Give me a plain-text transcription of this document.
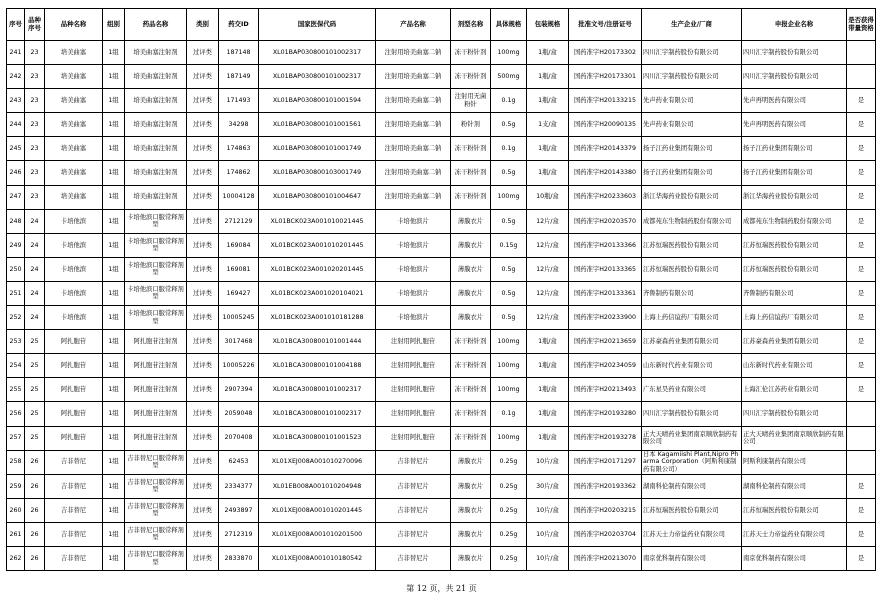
序号	品种序号	品种名称	组别	药品名称	类别	药交ID	国家医保代码	产品名称	剂型名称	具体规格	包装规格	批准文号/注册证号	生产企业/厂商	申报企业名称	是否获得带量资格
241	23	培美曲塞	1组	培美曲塞注射剂	过评类	187148	XL01BAP030800101002317	注射用培美曲塞二钠	冻干粉针剂	100mg	1瓶/盒	国药准字H20173302	四川汇宇制药股份有限公司	四川汇宇制药股份有限公司	
242	23	培美曲塞	1组	培美曲塞注射剂	过评类	187149	XL01BAP030800101002317	注射用培美曲塞二钠	冻干粉针剂	500mg	1瓶/盒	国药准字H20173301	四川汇宇制药股份有限公司	四川汇宇制药股份有限公司	
243	23	培美曲塞	1组	培美曲塞注射剂	过评类	171493	XL01BAP030800101001594	注射用培美曲塞二钠	注射用无菌粉针	0.1g	1瓶/盒	国药准字H20133215	先声药业有限公司	先声再明医药有限公司	是
244	23	培美曲塞	1组	培美曲塞注射剂	过评类	34298	XL01BAP030800101001561	注射用培美曲塞二钠	粉针剂	0.5g	1支/盒	国药准字H20090135	先声药业有限公司	先声再明医药有限公司	是
245	23	培美曲塞	1组	培美曲塞注射剂	过评类	174863	XL01BAP030800101001749	注射用培美曲塞二钠	冻干粉针剂	0.1g	1瓶/盒	国药准字H20143379	扬子江药业集团有限公司	扬子江药业集团有限公司	是
246	23	培美曲塞	1组	培美曲塞注射剂	过评类	174862	XL01BAP030800103001749	注射用培美曲塞二钠	冻干粉针剂	0.5g	1瓶/盒	国药准字H20143380	扬子江药业集团有限公司	扬子江药业集团有限公司	是
247	23	培美曲塞	1组	培美曲塞注射剂	过评类	10004128	XL01BAP030800101004647	注射用培美曲塞二钠	冻干粉针剂	100mg	10瓶/盒	国药准字H20233603	浙江华海药业股份有限公司	浙江华海药业股份有限公司	是
248	24	卡培他滨	1组	卡培他滨口服常释剂型	过评类	2712129	XL01BCK023A001010021445	卡培他滨片	薄膜衣片	0.5g	12片/盒	国药准字H20203570	成都苑东生物制药股份有限公司	成都苑东生物制药股份有限公司	是
249	24	卡培他滨	1组	卡培他滨口服常释剂型	过评类	169084	XL01BCK023A001010201445	卡培他滨片	薄膜衣片	0.15g	12片/盒	国药准字H20133366	江苏恒瑞医药股份有限公司	江苏恒瑞医药股份有限公司	是
250	24	卡培他滨	1组	卡培他滨口服常释剂型	过评类	169081	XL01BCK023A001020201445	卡培他滨片	薄膜衣片	0.5g	12片/盒	国药准字H20133365	江苏恒瑞医药股份有限公司	江苏恒瑞医药股份有限公司	是
251	24	卡培他滨	1组	卡培他滨口服常释剂型	过评类	169427	XL01BCK023A001020104021	卡培他滨片	薄膜衣片	0.5g	12片/盒	国药准字H20133361	齐鲁制药有限公司	齐鲁制药有限公司	是
252	24	卡培他滨	1组	卡培他滨口服常释剂型	过评类	10005245	XL01BCK023A001010181288	卡培他滨片	薄膜衣片	0.5g	12片/盒	国药准字H20233900	上海上药信谊药厂有限公司	上海上药信谊药厂有限公司	是
253	25	阿扎胞苷	1组	阿扎胞苷注射剂	过评类	3017468	XL01BCA300800101001444	注射用阿扎胞苷	冻干粉针剂	100mg	1瓶/盒	国药准字H20213659	江苏豪森药业集团有限公司	江苏豪森药业集团有限公司	是
254	25	阿扎胞苷	1组	阿扎胞苷注射剂	过评类	10005226	XL01BCA300800101004188	注射用阿扎胞苷	冻干粉针剂	100mg	1瓶/盒	国药准字H20234059	山东新时代药业有限公司	山东新时代药业有限公司	是
255	25	阿扎胞苷	1组	阿扎胞苷注射剂	过评类	2907394	XL01BCA300800101002317	注射用阿扎胞苷	冻干粉针剂	100mg	1瓶/盒	国药准字H20213493	广东星昊药业有限公司	上海汇伦江苏药业有限公司	是
256	25	阿扎胞苷	1组	阿扎胞苷注射剂	过评类	2059048	XL01BCA300800101002317	注射用阿扎胞苷	冻干粉针剂	0.1g	1瓶/盒	国药准字H20193280	四川汇宇制药股份有限公司	四川汇宇制药股份有限公司	
257	25	阿扎胞苷	1组	阿扎胞苷注射剂	过评类	2070408	XL01BCA300800101001523	注射用阿扎胞苷	冻干粉针剂	100mg	1瓶/盒	国药准字H20193278	正大天晴药业集团南京顺欣制药有限公司	正大天晴药业集团南京顺欣制药有限公司	
258	26	吉非替尼	1组	吉非替尼口服常释剂型	过评类	62453	XL01XEJ008A001010270096	吉非替尼片	薄膜衣片	0.25g	10片/盒	国药准字H20171297	日本 Kagamiishi Plant,Nipro Pharma Corporation（阿斯利康制药有限公司）	阿斯利康制药有限公司	
259	26	吉非替尼	1组	吉非替尼口服常释剂型	过评类	2334377	XL01EB008A001010204948	吉非替尼片	薄膜衣片	0.25g	30片/盒	国药准字H20193362	湖南科伦制药有限公司	湖南科伦制药有限公司	是
260	26	吉非替尼	1组	吉非替尼口服常释剂型	过评类	2493897	XL01XEJ008A001010201445	吉非替尼片	薄膜衣片	0.25g	10片/盒	国药准字H20203215	江苏恒瑞医药股份有限公司	江苏恒瑞医药股份有限公司	是
261	26	吉非替尼	1组	吉非替尼口服常释剂型	过评类	2712319	XL01XEJ008A001010201500	吉非替尼片	薄膜衣片	0.25g	10片/盒	国药准字H20203704	江苏天士力帝益药业有限公司	江苏天士力帝益药业有限公司	是
262	26	吉非替尼	1组	吉非替尼口服常释剂型	过评类	2833870	XL01XEJ008A001010180542	吉非替尼片	薄膜衣片	0.25g	10片/盒	国药准字H20213070	南京优科制药有限公司	南京优科制药有限公司	是
第 12 页，共 21 页
